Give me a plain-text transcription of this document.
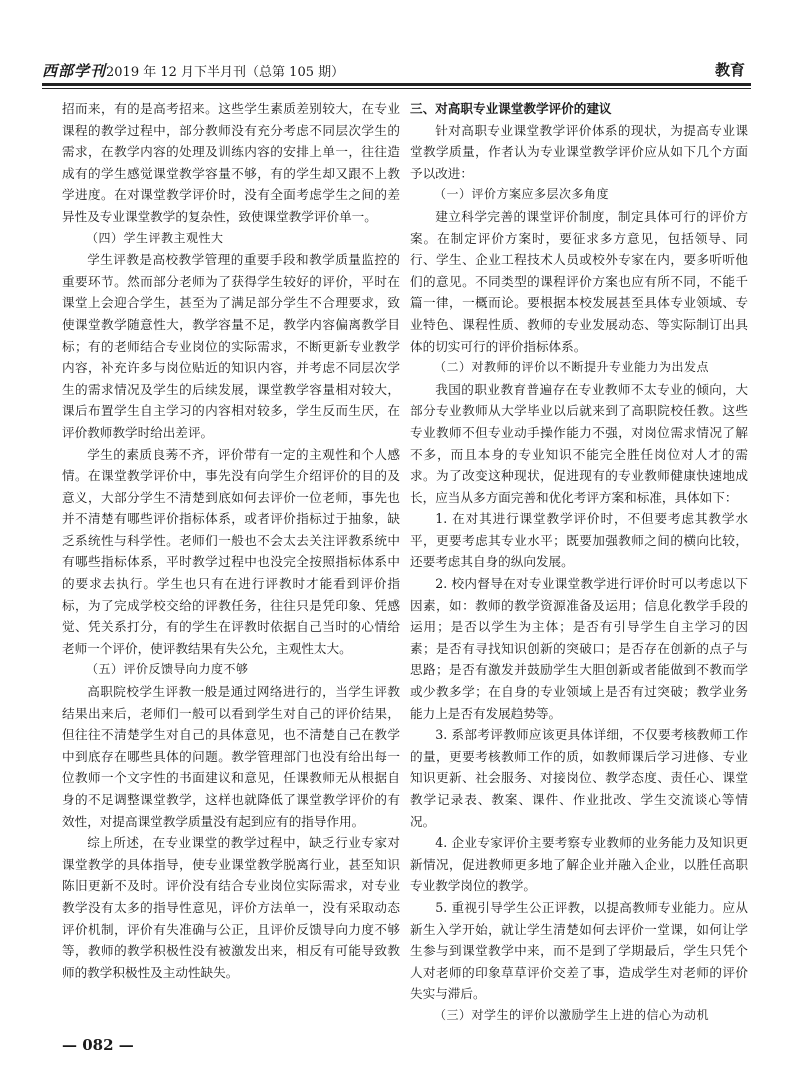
西部学刊2019 年 12 月下半月刊（总第 105 期）	教育

招而来，有的是高考招来。这些学生素质差别较大，在专业课程的教学过程中，部分教师没有充分考虑不同层次学生的需求，在教学内容的处理及训练内容的安排上单一，往往造成有的学生感觉课堂教学容量不够，有的学生却又跟不上教学进度。在对课堂教学评价时，没有全面考虑学生之间的差异性及专业课堂教学的复杂性，致使课堂教学评价单一。

（四）学生评教主观性大

学生评教是高校教学管理的重要手段和教学质量监控的重要环节。然而部分老师为了获得学生较好的评价，平时在课堂上会迎合学生，甚至为了满足部分学生不合理要求，致使课堂教学随意性大，教学容量不足，教学内容偏离教学目标；有的老师结合专业岗位的实际需求，不断更新专业教学内容，补充许多与岗位贴近的知识内容，并考虑不同层次学生的需求情况及学生的后续发展，课堂教学容量相对较大，课后布置学生自主学习的内容相对较多，学生反而生厌，在评价教师教学时给出差评。

学生的素质良莠不齐，评价带有一定的主观性和个人感情。在课堂教学评价中，事先没有向学生介绍评价的目的及意义，大部分学生不清楚到底如何去评价一位老师，事先也并不清楚有哪些评价指标体系，或者评价指标过于抽象，缺乏系统性与科学性。老师们一般也不会太去关注评教系统中有哪些指标体系，平时教学过程中也没完全按照指标体系中的要求去执行。学生也只有在进行评教时才能看到评价指标，为了完成学校交给的评教任务，往往只是凭印象、凭感觉、凭关系打分，有的学生在评教时依据自己当时的心情给老师一个评价，使评教结果有失公允，主观性太大。

（五）评价反馈导向力度不够

高职院校学生评教一般是通过网络进行的，当学生评教结果出来后，老师们一般可以看到学生对自己的评价结果，但往往不清楚学生对自己的具体意见，也不清楚自己在教学中到底存在哪些具体的问题。教学管理部门也没有给出每一位教师一个文字性的书面建议和意见，任课教师无从根据自身的不足调整课堂教学，这样也就降低了课堂教学评价的有效性，对提高课堂教学质量没有起到应有的指导作用。

综上所述，在专业课堂的教学过程中，缺乏行业专家对课堂教学的具体指导，使专业课堂教学脱离行业，甚至知识陈旧更新不及时。评价没有结合专业岗位实际需求，对专业教学没有太多的指导性意见，评价方法单一，没有采取动态评价机制，评价有失准确与公正，且评价反馈导向力度不够等，教师的教学积极性没有被激发出来，相反有可能导致教师的教学积极性及主动性缺失。

三、对高职专业课堂教学评价的建议

针对高职专业课堂教学评价体系的现状，为提高专业课堂教学质量，作者认为专业课堂教学评价应从如下几个方面予以改进：

（一）评价方案应多层次多角度

建立科学完善的课堂评价制度，制定具体可行的评价方案。在制定评价方案时，要征求多方意见，包括领导、同行、学生、企业工程技术人员或校外专家在内，要多听听他们的意见。不同类型的课程评价方案也应有所不同，不能千篇一律，一概而论。要根据本校发展甚至具体专业领域、专业特色、课程性质、教师的专业发展动态、等实际制订出具体的切实可行的评价指标体系。

（二）对教师的评价以不断提升专业能力为出发点

我国的职业教育普遍存在专业教师不太专业的倾向，大部分专业教师从大学毕业以后就来到了高职院校任教。这些专业教师不但专业动手操作能力不强，对岗位需求情况了解不多，而且本身的专业知识不能完全胜任岗位对人才的需求。为了改变这种现状，促进现有的专业教师健康快速地成长，应当从多方面完善和优化考评方案和标准，具体如下：

1. 在对其进行课堂教学评价时，不但要考虑其教学水平，更要考虑其专业水平；既要加强教师之间的横向比较，还要考虑其自身的纵向发展。

2. 校内督导在对专业课堂教学进行评价时可以考虑以下因素，如：教师的教学资源准备及运用；信息化教学手段的运用；是否以学生为主体；是否有引导学生自主学习的因素；是否有寻找知识创新的突破口；是否存在创新的点子与思路；是否有激发并鼓励学生大胆创新或者能做到不教而学或少教多学；在自身的专业领域上是否有过突破；教学业务能力上是否有发展趋势等。

3. 系部考评教师应该更具体详细，不仅要考核教师工作的量，更要考核教师工作的质，如教师课后学习进修、专业知识更新、社会服务、对接岗位、教学态度、责任心、课堂教学记录表、教案、课件、作业批改、学生交流谈心等情况。

4. 企业专家评价主要考察专业教师的业务能力及知识更新情况，促进教师更多地了解企业并融入企业，以胜任高职专业教学岗位的教学。

5. 重视引导学生公正评教，以提高教师专业能力。应从新生入学开始，就让学生清楚如何去评价一堂课，如何让学生参与到课堂教学中来，而不是到了学期最后，学生只凭个人对老师的印象草草评价交差了事，造成学生对老师的评价失实与滞后。

（三）对学生的评价以激励学生上进的信心为动机

— 082 —
